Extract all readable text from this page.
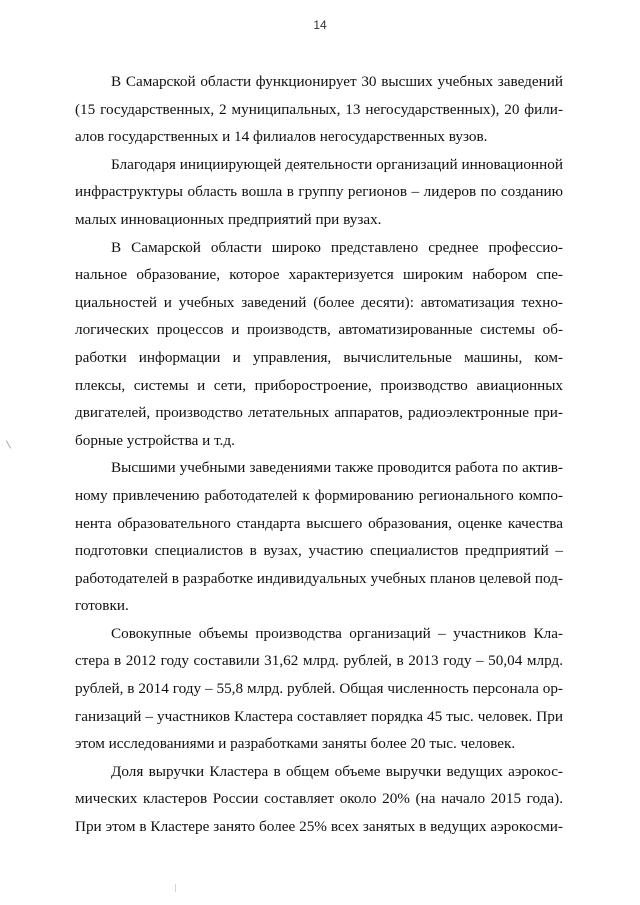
14
В Самарской области функционирует 30 высших учебных заведений
(15 государственных, 2 муниципальных, 13 негосударственных), 20 фили-
алов государственных и 14 филиалов негосударственных вузов.
Благодаря инициирующей деятельности организаций инновационной
инфраструктуры область вошла в группу регионов – лидеров по созданию
малых инновационных предприятий при вузах.
В Самарской области широко представлено среднее профессио-
нальное образование, которое характеризуется широким набором спе-
циальностей и учебных заведений (более десяти): автоматизация техно-
логических процессов и производств, автоматизированные системы об-
работки информации и управления, вычислительные машины, ком-
плексы, системы и сети, приборостроение, производство авиационных
двигателей, производство летательных аппаратов, радиоэлектронные при-
борные устройства и т.д.
Высшими учебными заведениями также проводится работа по актив-
ному привлечению работодателей к формированию регионального компо-
нента образовательного стандарта высшего образования, оценке качества
подготовки специалистов в вузах, участию специалистов предприятий –
работодателей в разработке индивидуальных учебных планов целевой под-
готовки.
Совокупные объемы производства организаций – участников Кла-
стера в 2012 году составили 31,62 млрд. рублей, в 2013 году – 50,04 млрд.
рублей, в 2014 году – 55,8 млрд. рублей. Общая численность персонала ор-
ганизаций – участников Кластера составляет порядка 45 тыс. человек. При
этом исследованиями и разработками заняты более 20 тыс. человек.
Доля выручки Кластера в общем объеме выручки ведущих аэрокос-
мических кластеров России составляет около 20% (на начало 2015 года).
При этом в Кластере занято более 25% всех занятых в ведущих аэрокосми-
